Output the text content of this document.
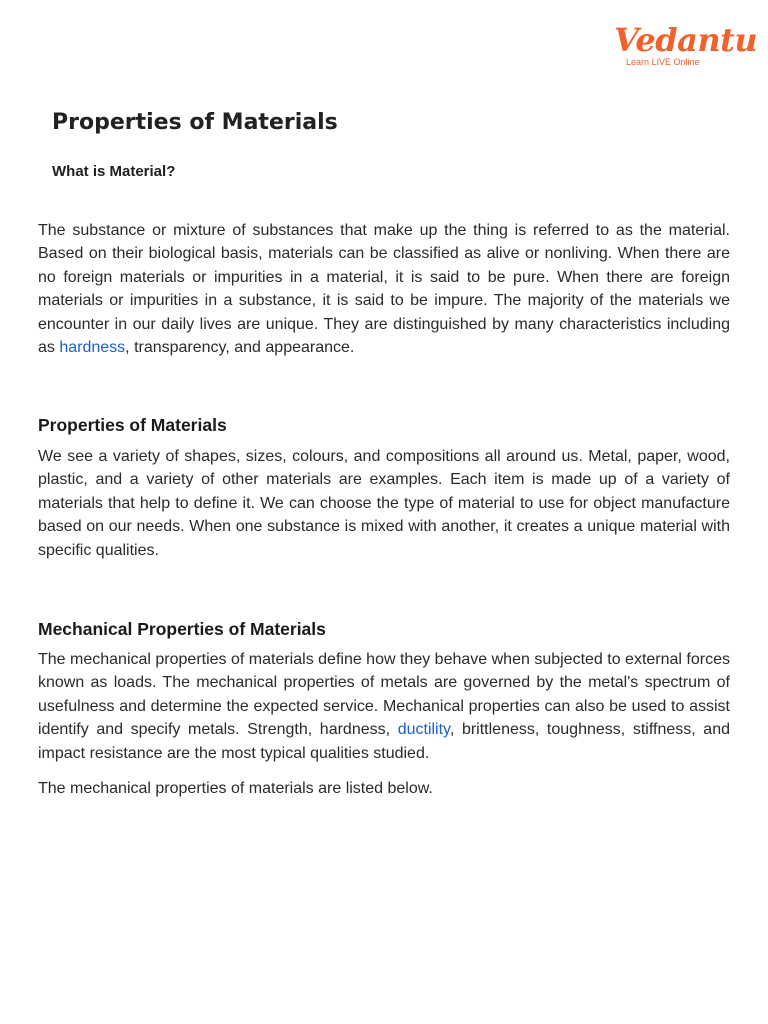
Vedantu
Learn LIVE Online
Properties of Materials
What is Material?

The substance or mixture of substances that make up the thing is referred to as the material. Based on their biological basis, materials can be classified as alive or nonliving. When there are no foreign materials or impurities in a material, it is said to be pure. When there are foreign materials or impurities in a substance, it is said to be impure. The majority of the materials we encounter in our daily lives are unique. They are distinguished by many characteristics including as hardness, transparency, and appearance.

Properties of Materials

We see a variety of shapes, sizes, colours, and compositions all around us. Metal, paper, wood, plastic, and a variety of other materials are examples. Each item is made up of a variety of materials that help to define it. We can choose the type of material to use for object manufacture based on our needs. When one substance is mixed with another, it creates a unique material with specific qualities.

Mechanical Properties of Materials

The mechanical properties of materials define how they behave when subjected to external forces known as loads. The mechanical properties of metals are governed by the metal's spectrum of usefulness and determine the expected service. Mechanical properties can also be used to assist identify and specify metals. Strength, hardness, ductility, brittleness, toughness, stiffness, and impact resistance are the most typical qualities studied.

The mechanical properties of materials are listed below.
